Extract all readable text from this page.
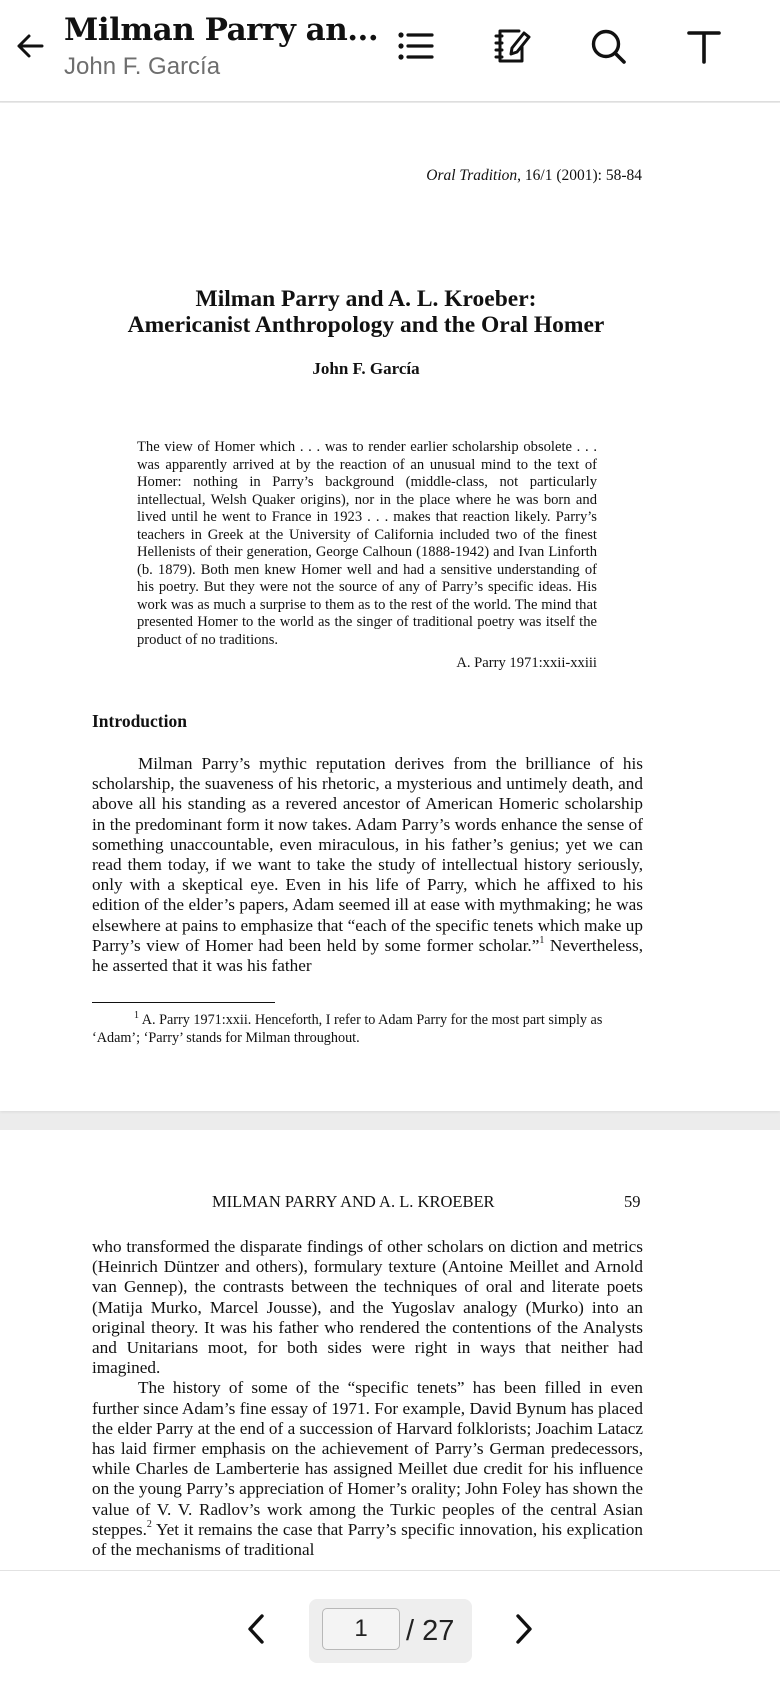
Milman Parry an...
John F. García
Oral Tradition, 16/1 (2001): 58-84
Milman Parry and A. L. Kroeber:
Americanist Anthropology and the Oral Homer
John F. García
The view of Homer which . . . was to render earlier scholarship obsolete . . . was apparently arrived at by the reaction of an unusual mind to the text of Homer: nothing in Parry’s background (middle-class, not particularly intellectual, Welsh Quaker origins), nor in the place where he was born and lived until he went to France in 1923 . . . makes that reaction likely. Parry’s teachers in Greek at the University of California included two of the finest Hellenists of their generation, George Calhoun (1888-1942) and Ivan Linforth (b. 1879). Both men knew Homer well and had a sensitive understanding of his poetry. But they were not the source of any of Parry’s specific ideas. His work was as much a surprise to them as to the rest of the world. The mind that presented Homer to the world as the singer of traditional poetry was itself the product of no traditions.
A. Parry 1971:xxii-xxiii
Introduction

Milman Parry’s mythic reputation derives from the brilliance of his scholarship, the suaveness of his rhetoric, a mysterious and untimely death, and above all his standing as a revered ancestor of American Homeric scholarship in the predominant form it now takes. Adam Parry’s words enhance the sense of something unaccountable, even miraculous, in his father’s genius; yet we can read them today, if we want to take the study of intellectual history seriously, only with a skeptical eye. Even in his life of Parry, which he affixed to his edition of the elder’s papers, Adam seemed ill at ease with mythmaking; he was elsewhere at pains to emphasize that “each of the specific tenets which make up Parry’s view of Homer had been held by some former scholar.”$^1$ Nevertheless, he asserted that it was his father

$^1$ A. Parry 1971:xxii. Henceforth, I refer to Adam Parry for the most part simply as ‘Adam’; ‘Parry’ stands for Milman throughout.
MILMAN PARRY AND A. L. KROEBER	59

who transformed the disparate findings of other scholars on diction and metrics (Heinrich Düntzer and others), formulary texture (Antoine Meillet and Arnold van Gennep), the contrasts between the techniques of oral and literate poets (Matija Murko, Marcel Jousse), and the Yugoslav analogy (Murko) into an original theory. It was his father who rendered the contentions of the Analysts and Unitarians moot, for both sides were right in ways that neither had imagined.

The history of some of the “specific tenets” has been filled in even further since Adam’s fine essay of 1971. For example, David Bynum has placed the elder Parry at the end of a succession of Harvard folklorists; Joachim Latacz has laid firmer emphasis on the achievement of Parry’s German predecessors, while Charles de Lamberterie has assigned Meillet due credit for his influence on the young Parry’s appreciation of Homer’s orality; John Foley has shown the value of V. V. Radlov’s work among the Turkic peoples of the central Asian steppes.$^2$ Yet it remains the case that Parry’s specific innovation, his explication of the mechanisms of traditional

1
/ 27
